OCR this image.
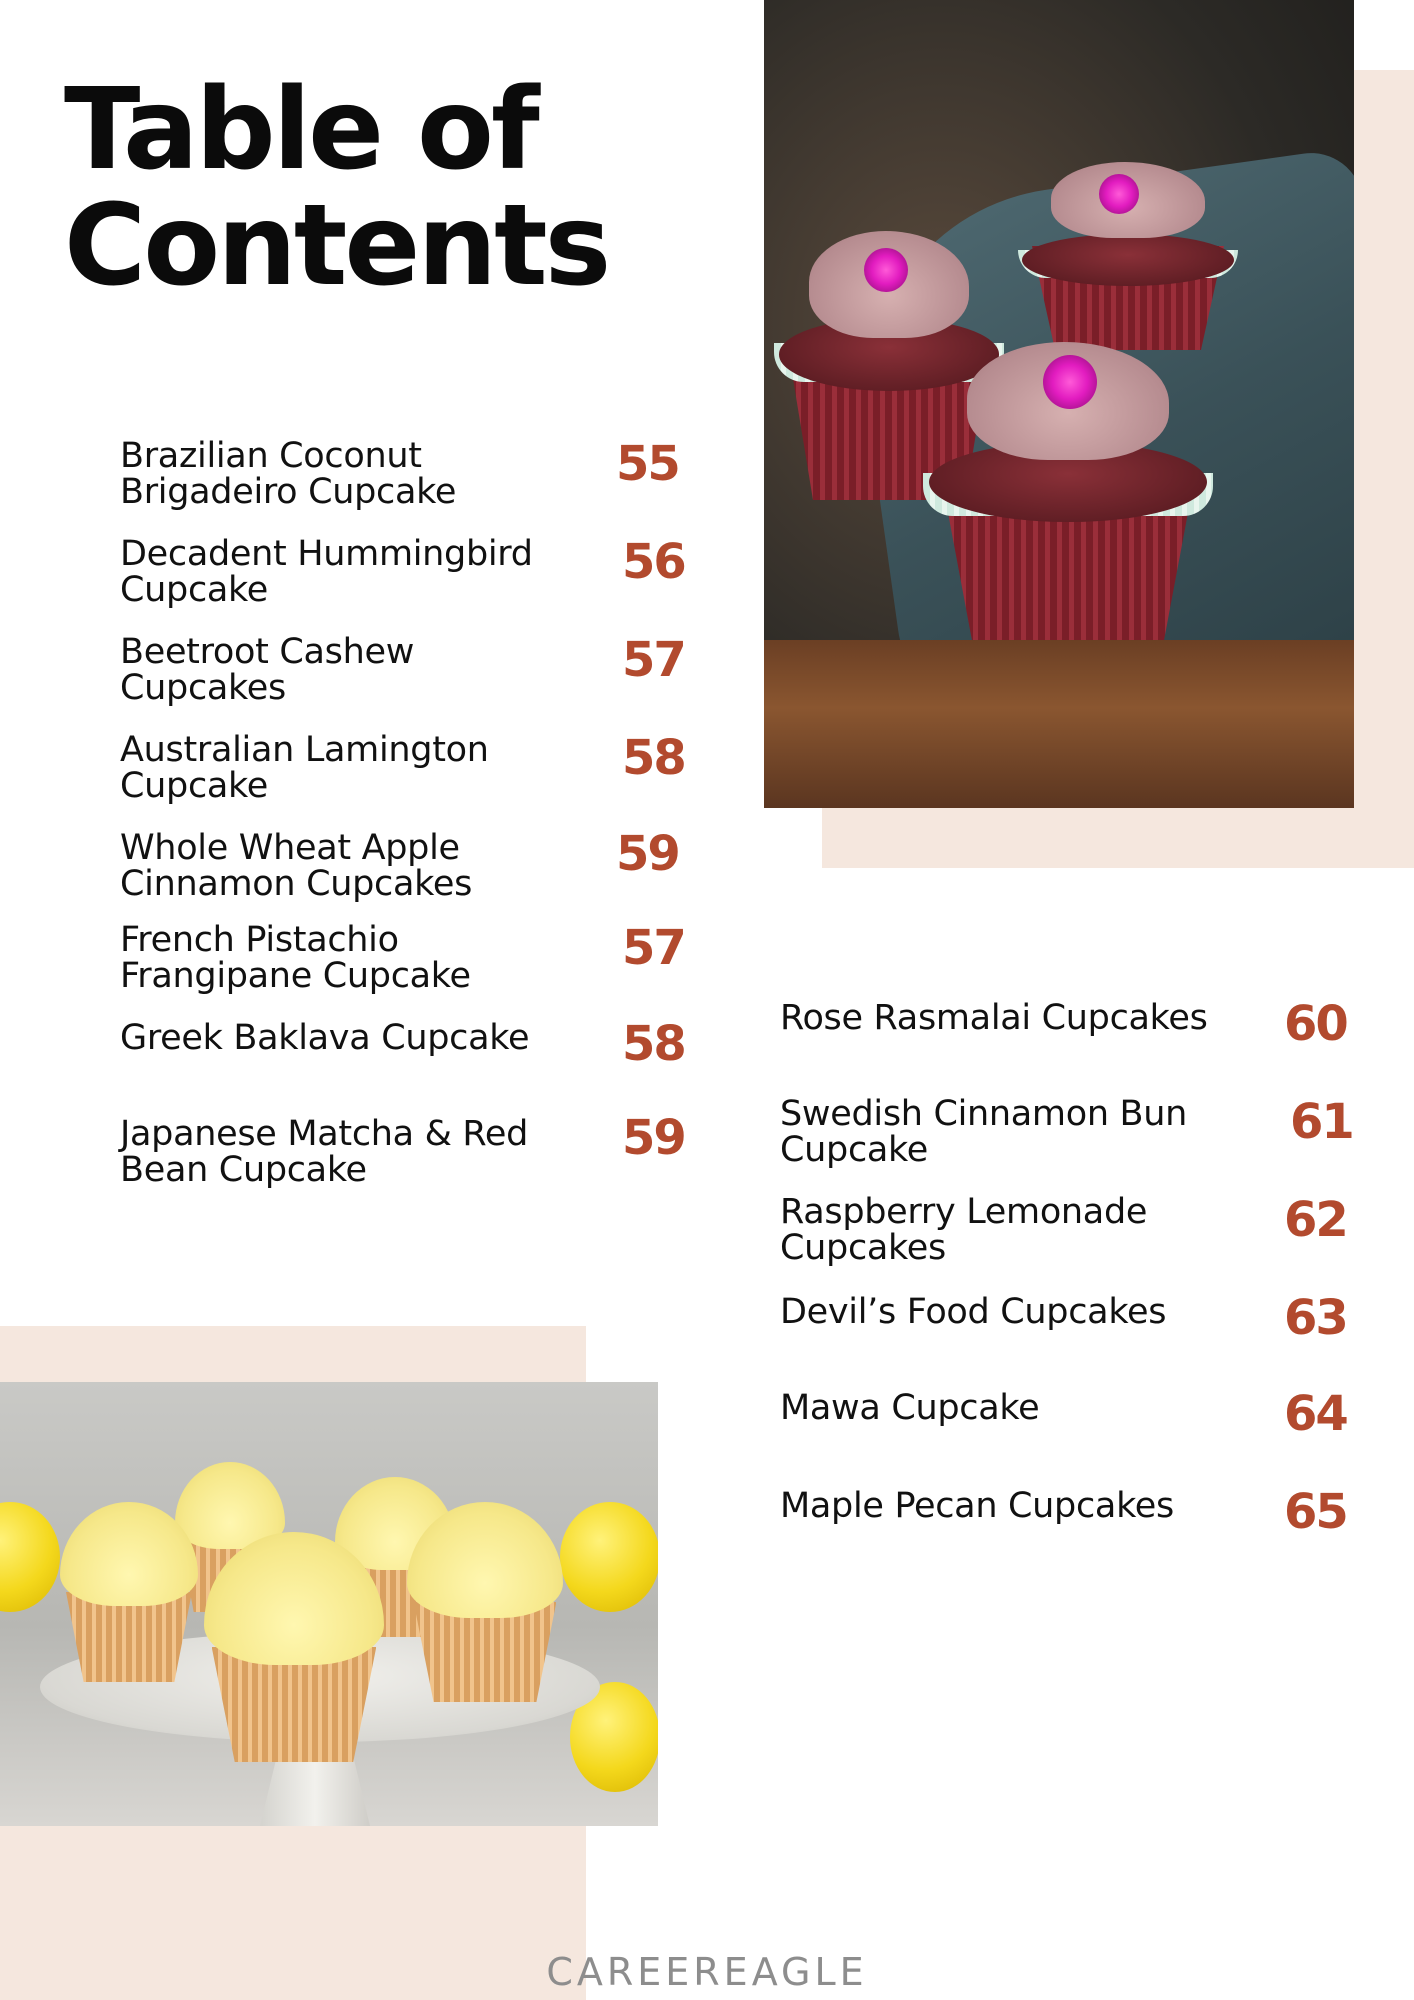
Table of
Contents
Brazilian Coconut
Brigadeiro Cupcake	55
Decadent Hummingbird
Cupcake	56
Beetroot Cashew
Cupcakes	57
Australian Lamington
Cupcake	58
Whole Wheat Apple
Cinnamon Cupcakes
59
French Pistachio
Frangipane Cupcake	57
Greek Baklava Cupcake 58
Japanese Matcha & Red
Bean Cupcake
59
Rose Rasmalai Cupcakes 60
Swedish Cinnamon Bun
Cupcake	61
Raspberry Lemonade
Cupcakes	62
Devil’s Food Cupcakes 63
Mawa Cupcake	64
Maple Pecan Cupcakes 65
CAREEREAGLE
